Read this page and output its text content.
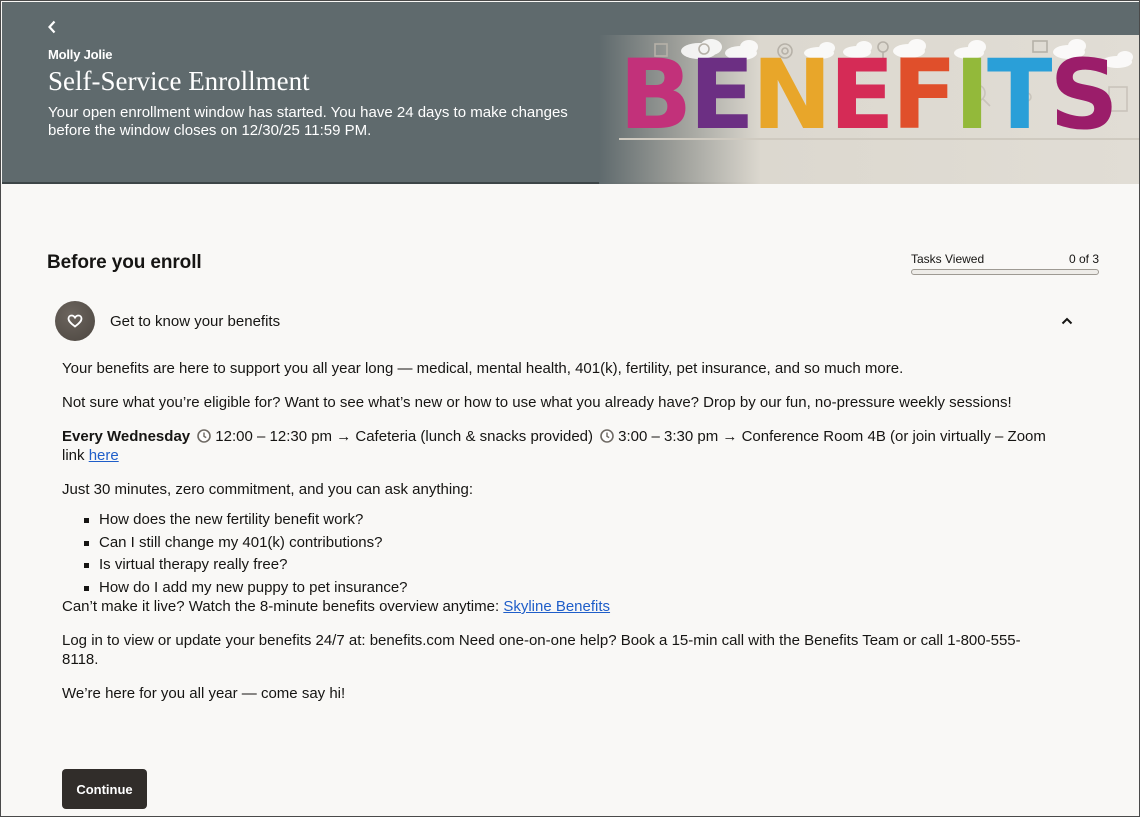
Molly Jolie
Self-Service Enrollment
Your open enrollment window has started. You have 24 days to make changes before the window closes on 12/30/25 11:59 PM.	BENEFITS
Before you enroll	Tasks Viewed	0 of 3
Get to know your benefits

Your benefits are here to support you all year long — medical, mental health, 401(k), fertility, pet insurance, and so much more.

Not sure what you’re eligible for? Want to see what’s new or how to use what you already have? Drop by our fun, no-pressure weekly sessions!

Every Wednesday 12:00 – 12:30 pm → Cafeteria (lunch & snacks provided) 3:00 – 3:30 pm → Conference Room 4B (or join virtually – Zoom link here

Just 30 minutes, zero commitment, and you can ask anything:

How does the new fertility benefit work?
Can I still change my 401(k) contributions?
Is virtual therapy really free?
How do I add my new puppy to pet insurance?

Can’t make it live? Watch the 8-minute benefits overview anytime: Skyline Benefits

Log in to view or update your benefits 24/7 at: benefits.com Need one-on-one help? Book a 15-min call with the Benefits Team or call 1-800-555-8118.

We’re here for you all year — come say hi!

Continue
